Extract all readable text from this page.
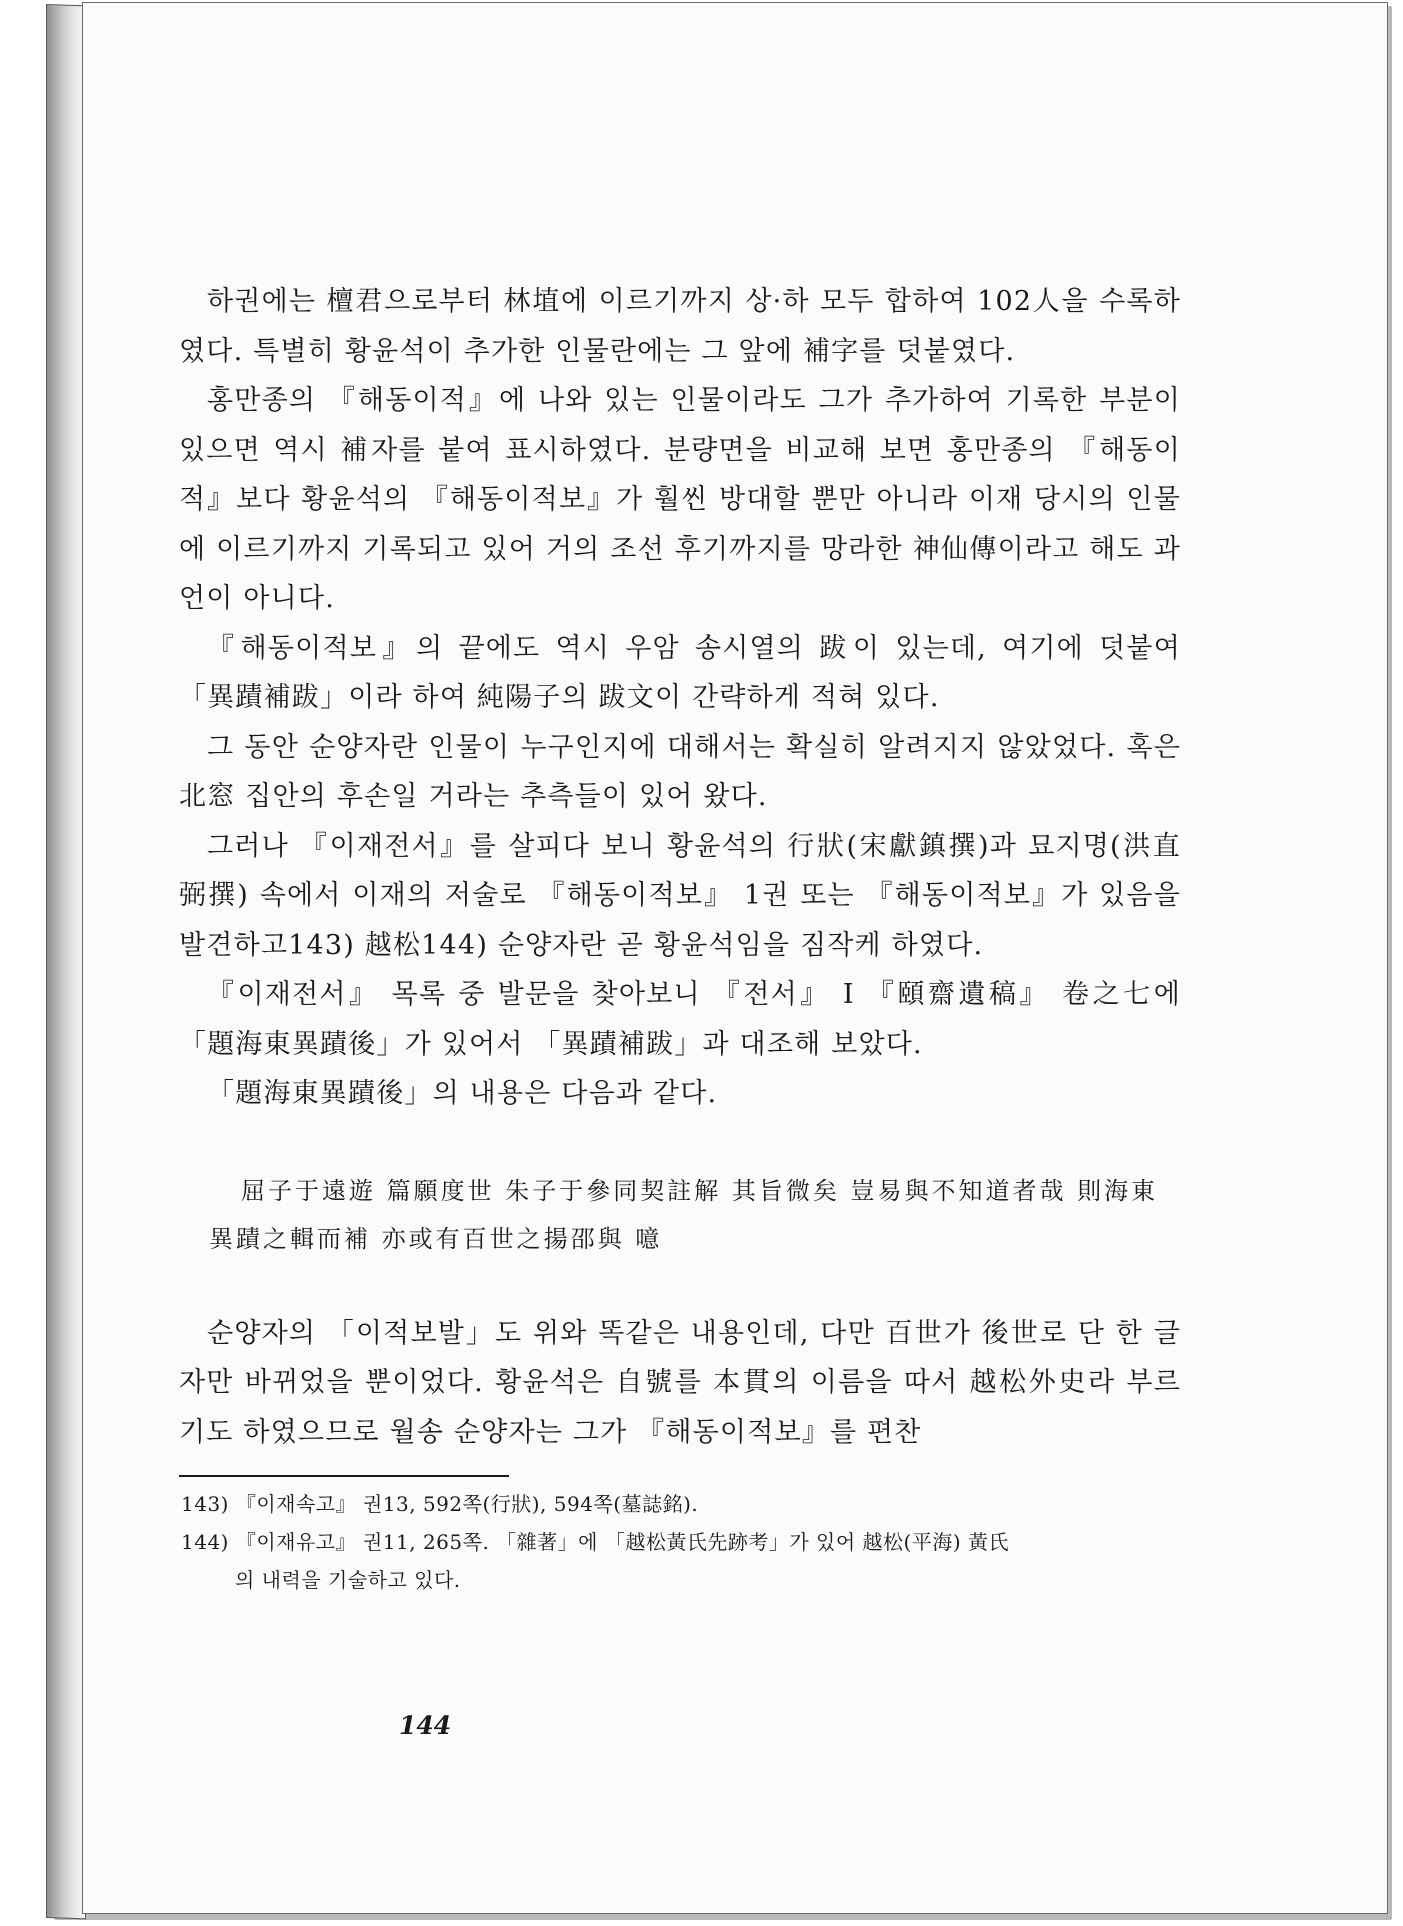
하권에는 檀君으로부터 林埴에 이르기까지 상·하 모두 합하여 102人을 수록하였다. 특별히 황윤석이 추가한 인물란에는 그 앞에 補字를 덧붙였다.

홍만종의 『해동이적』에 나와 있는 인물이라도 그가 추가하여 기록한 부분이 있으면 역시 補자를 붙여 표시하였다. 분량면을 비교해 보면 홍만종의 『해동이적』보다 황윤석의 『해동이적보』가 훨씬 방대할 뿐만 아니라 이재 당시의 인물에 이르기까지 기록되고 있어 거의 조선 후기까지를 망라한 神仙傳이라고 해도 과언이 아니다.

『해동이적보』의 끝에도 역시 우암 송시열의 跋이 있는데, 여기에 덧붙여 「異蹟補跋」이라 하여 純陽子의 跋文이 간략하게 적혀 있다.

그 동안 순양자란 인물이 누구인지에 대해서는 확실히 알려지지 않았었다. 혹은 北窓 집안의 후손일 거라는 추측들이 있어 왔다.

그러나 『이재전서』를 살피다 보니 황윤석의 行狀(宋獻鎮撰)과 묘지명(洪直弼撰) 속에서 이재의 저술로 『해동이적보』 1권 또는 『해동이적보』가 있음을 발견하고143) 越松144) 순양자란 곧 황윤석임을 짐작케 하였다.

『이재전서』 목록 중 발문을 찾아보니 『전서』 I 『頤齋遺稿』 卷之七에 「題海東異蹟後」가 있어서 「異蹟補跋」과 대조해 보았다.

「題海東異蹟後」의 내용은 다음과 같다.

屈子于遠遊 篇願度世 朱子于參同契註解 其旨微矣 豈易與不知道者哉 則海東異蹟之輯而補 亦或有百世之揚邵與 噫

순양자의 「이적보발」도 위와 똑같은 내용인데, 다만 百世가 後世로 단 한 글자만 바뀌었을 뿐이었다. 황윤석은 自號를 本貫의 이름을 따서 越松外史라 부르기도 하였으므로 월송 순양자는 그가 『해동이적보』를 편찬

143) 『이재속고』 권13, 592쪽(行狀), 594쪽(墓誌銘).

144) 『이재유고』 권11, 265쪽. 「雜著」에 「越松黃氏先跡考」가 있어 越松(平海) 黃氏

의 내력을 기술하고 있다.

144
